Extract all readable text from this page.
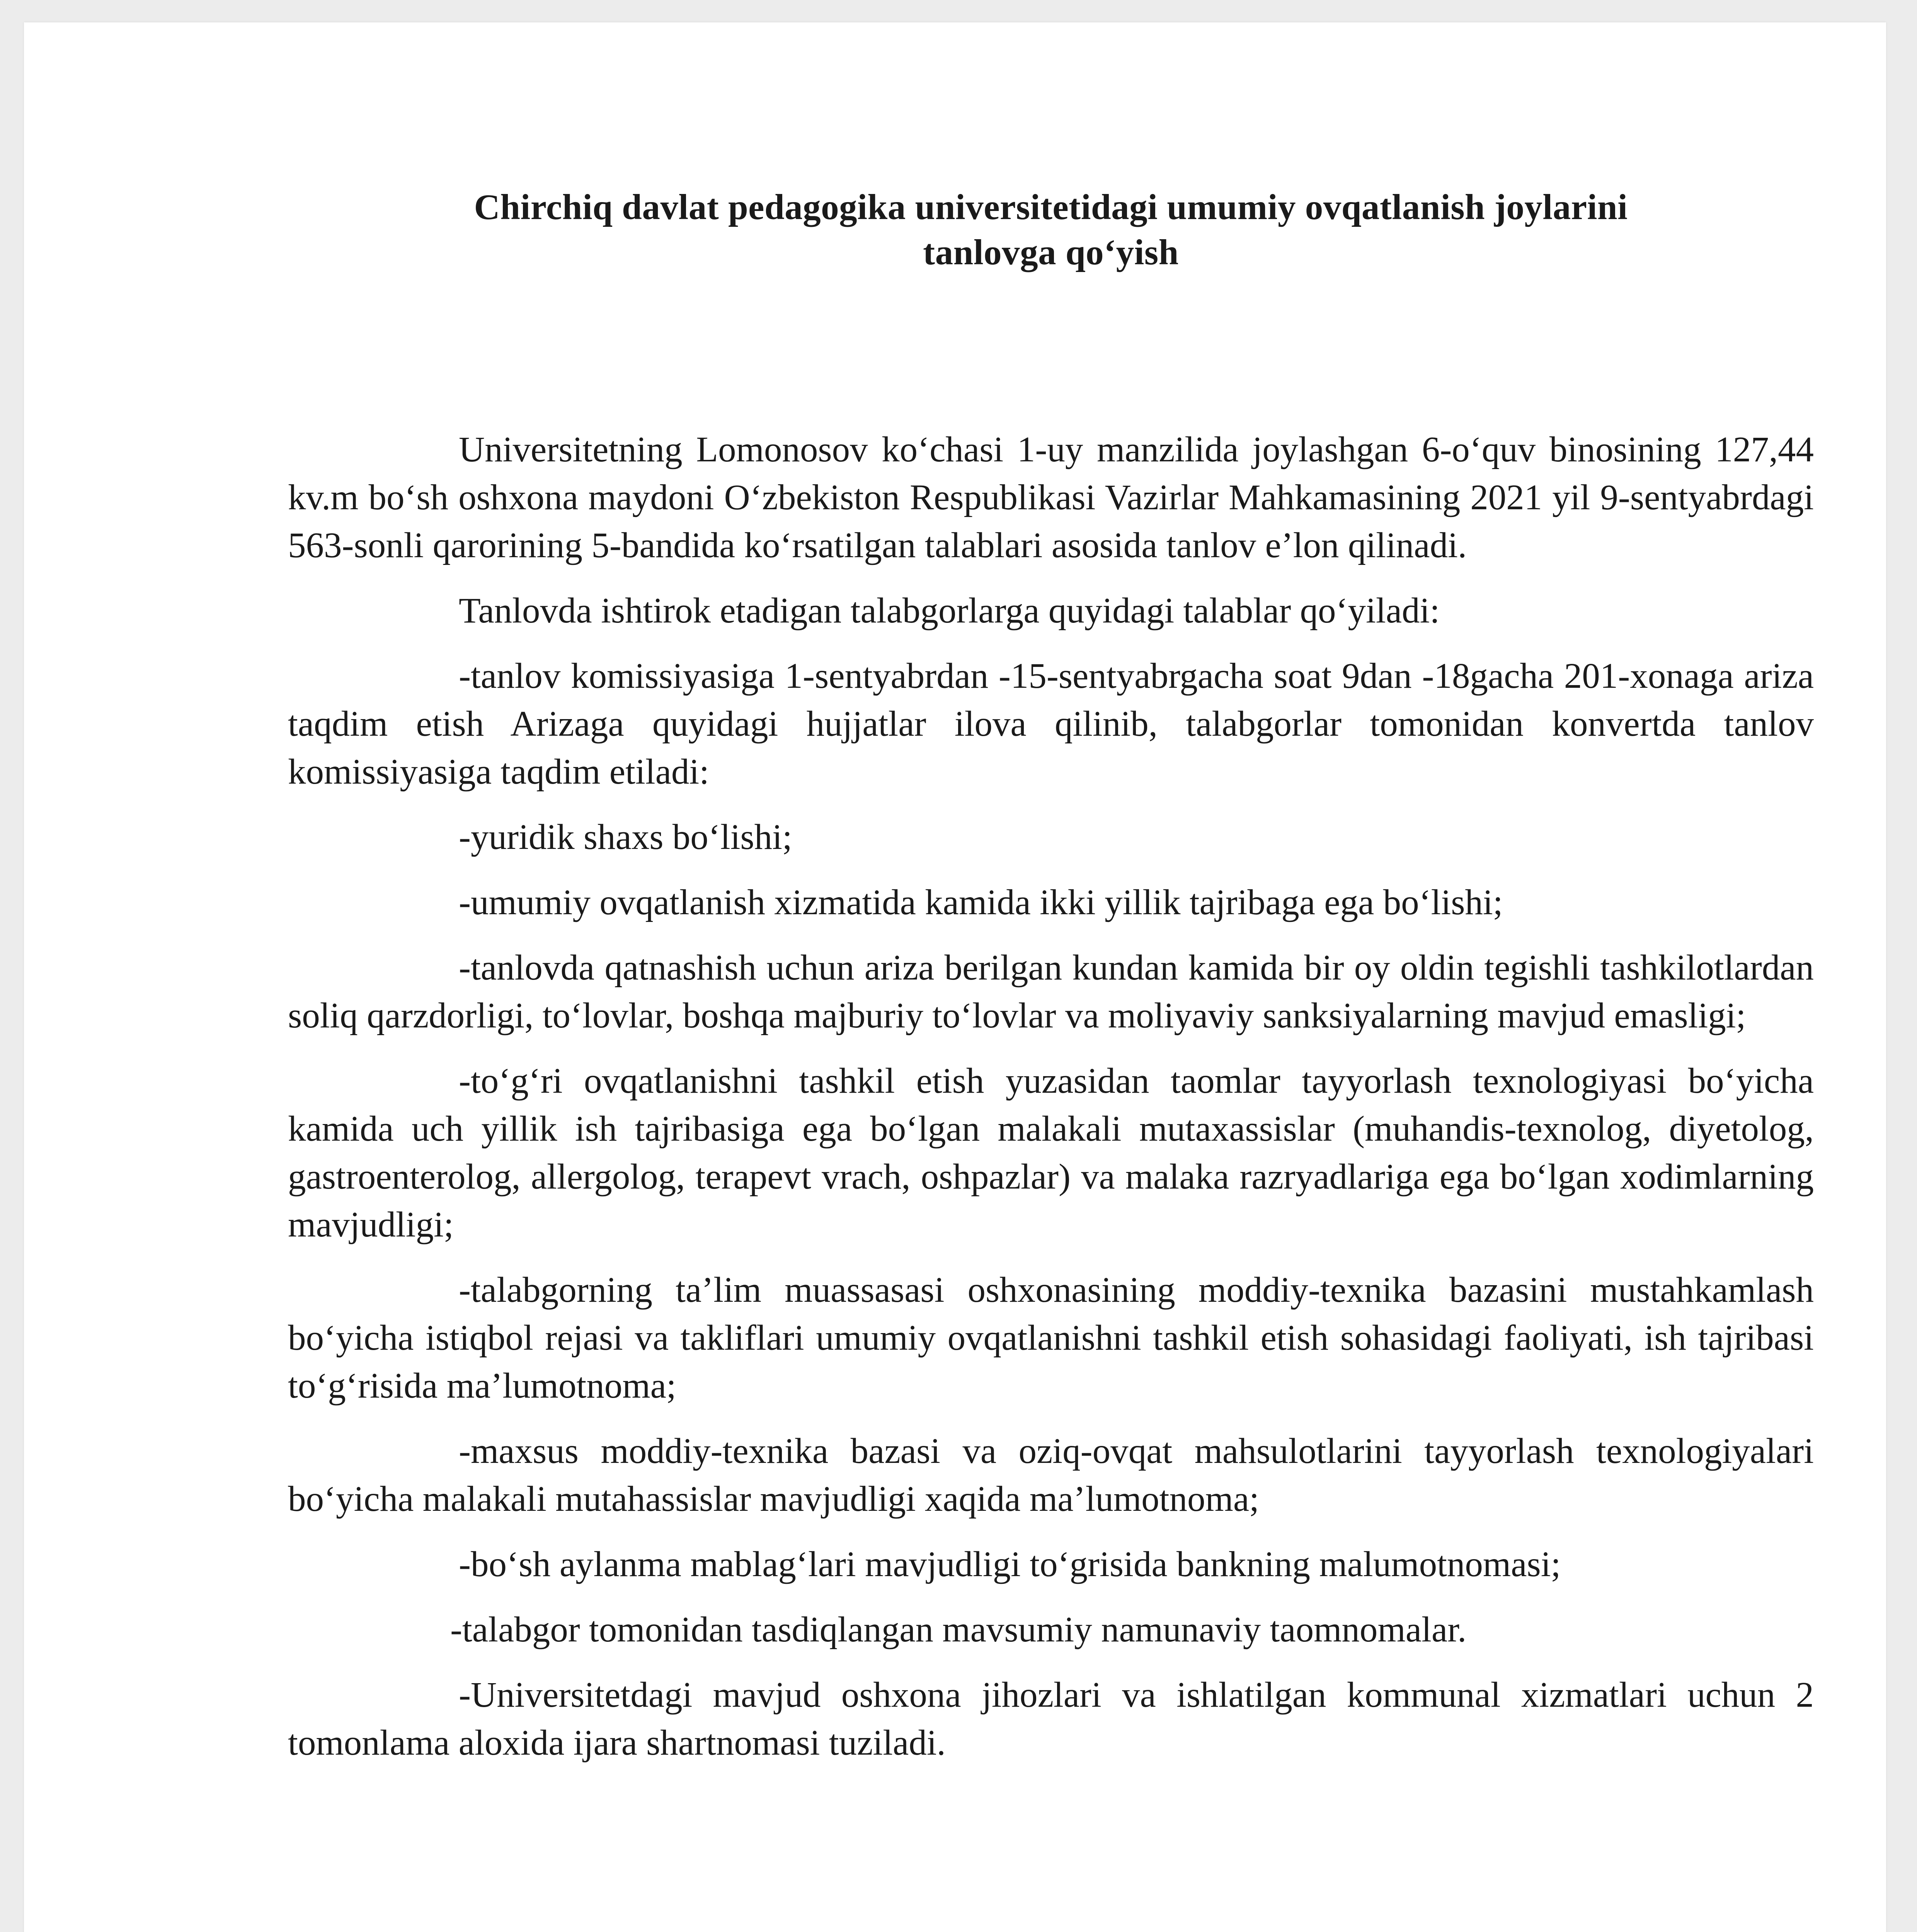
Chirchiq davlat pedagogika universitetidagi umumiy ovqatlanish joylarini
tanlovga qo‘yish

Universitetning Lomonosov ko‘chasi 1-uy manzilida joylashgan 6-o‘quv binosining 127,44 kv.m bo‘sh oshxona maydoni O‘zbekiston Respublikasi Vazirlar Mahkamasining 2021 yil 9-sentyabrdagi 563-sonli qarorining 5-bandida ko‘rsatilgan talablari asosida tanlov e’lon qilinadi.

Tanlovda ishtirok etadigan talabgorlarga quyidagi talablar qo‘yiladi:

-tanlov komissiyasiga 1-sentyabrdan -15-sentyabrgacha soat 9dan -18gacha 201-xonaga ariza taqdim etish Arizaga quyidagi hujjatlar ilova qilinib, talabgorlar tomonidan konvertda tanlov komissiyasiga taqdim etiladi:

-yuridik shaxs bo‘lishi;

-umumiy ovqatlanish xizmatida kamida ikki yillik tajribaga ega bo‘lishi;

-tanlovda qatnashish uchun ariza berilgan kundan kamida bir oy oldin tegishli tashkilotlardan soliq qarzdorligi, to‘lovlar, boshqa majburiy to‘lovlar va moliyaviy sanksiyalarning mavjud emasligi;

-to‘g‘ri ovqatlanishni tashkil etish yuzasidan taomlar tayyorlash texnologiyasi bo‘yicha kamida uch yillik ish tajribasiga ega bo‘lgan malakali mutaxassislar (muhandis-texnolog, diyetolog, gastroenterolog, allergolog, terapevt vrach, oshpazlar) va malaka razryadlariga ega bo‘lgan xodimlarning mavjudligi;

-talabgorning ta’lim muassasasi oshxonasining moddiy-texnika bazasini mustahkamlash bo‘yicha istiqbol rejasi va takliflari umumiy ovqatlanishni tashkil etish sohasidagi faoliyati, ish tajribasi to‘g‘risida ma’lumotnoma;

-maxsus moddiy-texnika bazasi va oziq-ovqat mahsulotlarini tayyorlash texnologiyalari bo‘yicha malakali mutahassislar mavjudligi xaqida ma’lumotnoma;

-bo‘sh aylanma mablag‘lari mavjudligi to‘grisida bankning malumotnomasi;

-talabgor tomonidan tasdiqlangan mavsumiy namunaviy taomnomalar.

-Universitetdagi mavjud oshxona jihozlari va ishlatilgan kommunal xizmatlari uchun 2 tomonlama aloxida ijara shartnomasi tuziladi.
